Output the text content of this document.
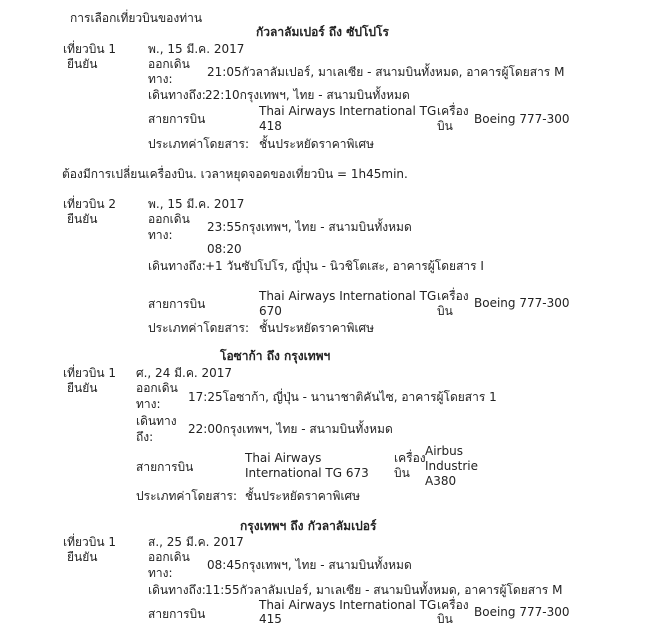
การเลือกเที่ยวบินของท่าน
กัวลาลัมเปอร์ ถึง ซัปโปโร
เที่ยวบิน 1
ยืนยัน
พ., 15 มี.ค. 2017
ออกเดิน
ทาง:	21:05กัวลาลัมเปอร์, มาเลเซีย - สนามบินทั้งหมด, อาคารผู้โดยสาร M
เดินทางถึง: 22:10กรุงเทพฯ, ไทย - สนามบินทั้งหมด
สายการบิน
Thai Airways International TG
418
เครื่อง
บิน Boeing 777-300
ประเภทค่าโดยสาร: ชั้นประหยัดราคาพิเศษ
ต้องมีการเปลี่ยนเครื่องบิน. เวลาหยุดจอดของเที่ยวบิน = 1h45min.
เที่ยวบิน 2
ยืนยัน
พ., 15 มี.ค. 2017
ออกเดิน
ทาง:
23:55กรุงเทพฯ, ไทย - สนามบินทั้งหมด
08:20
เดินทางถึง: +1 วันซัปโปโร, ญี่ปุ่น - นิวชิโตเสะ, อาคารผู้โดยสาร I
สายการบิน
Thai Airways International TG
670
เครื่อง
บิน
Boeing 777-300
ประเภทค่าโดยสาร: ชั้นประหยัดราคาพิเศษ
โอซาก้า ถึง กรุงเทพฯ
เที่ยวบิน 1
ยืนยัน
ศ., 24 มี.ค. 2017
ออกเดิน
ทาง: 17:25โอซาก้า, ญี่ปุ่น - นานาชาติคันไซ, อาคารผู้โดยสาร 1
เดินทาง
ถึง:
22:00กรุงเทพฯ, ไทย - สนามบินทั้งหมด
สายการบิน
Thai Airways
International TG 673
เครื่อง
บิน
Airbus
Industrie
A380
ประเภทค่าโดยสาร: ชั้นประหยัดราคาพิเศษ
กรุงเทพฯ ถึง กัวลาลัมเปอร์
เที่ยวบิน 1
ยืนยัน
ส., 25 มี.ค. 2017
ออกเดิน
ทาง:
08:45กรุงเทพฯ, ไทย - สนามบินทั้งหมด
เดินทางถึง: 11:55กัวลาลัมเปอร์, มาเลเซีย - สนามบินทั้งหมด, อาคารผู้โดยสาร M
สายการบิน
Thai Airways International TG
415
เครื่อง
บิน Boeing 777-300
